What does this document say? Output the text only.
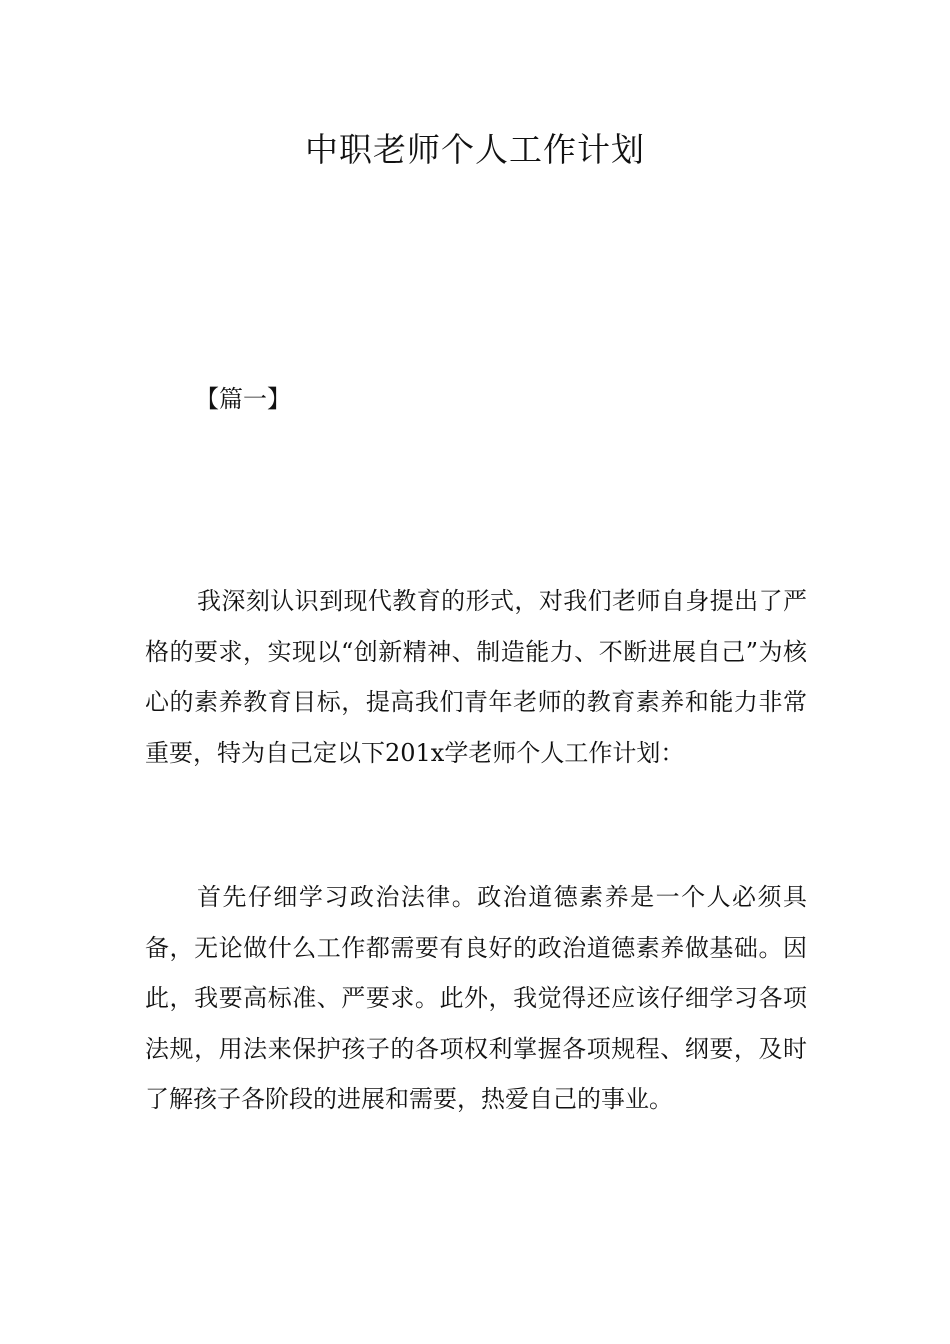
中职老师个人工作计划

【篇一】

我深刻认识到现代教育的形式，对我们老师自身提出了严格的要求，实现以“创新精神、制造能力、不断进展自己”为核心的素养教育目标，提高我们青年老师的教育素养和能力非常重要，特为自己定以下201x学老师个人工作计划：

首先仔细学习政治法律。政治道德素养是一个人必须具备，无论做什么工作都需要有良好的政治道德素养做基础。因此，我要高标准、严要求。此外，我觉得还应该仔细学习各项法规，用法来保护孩子的各项权利掌握各项规程、纲要，及时了解孩子各阶段的进展和需要，热爱自己的事业。
